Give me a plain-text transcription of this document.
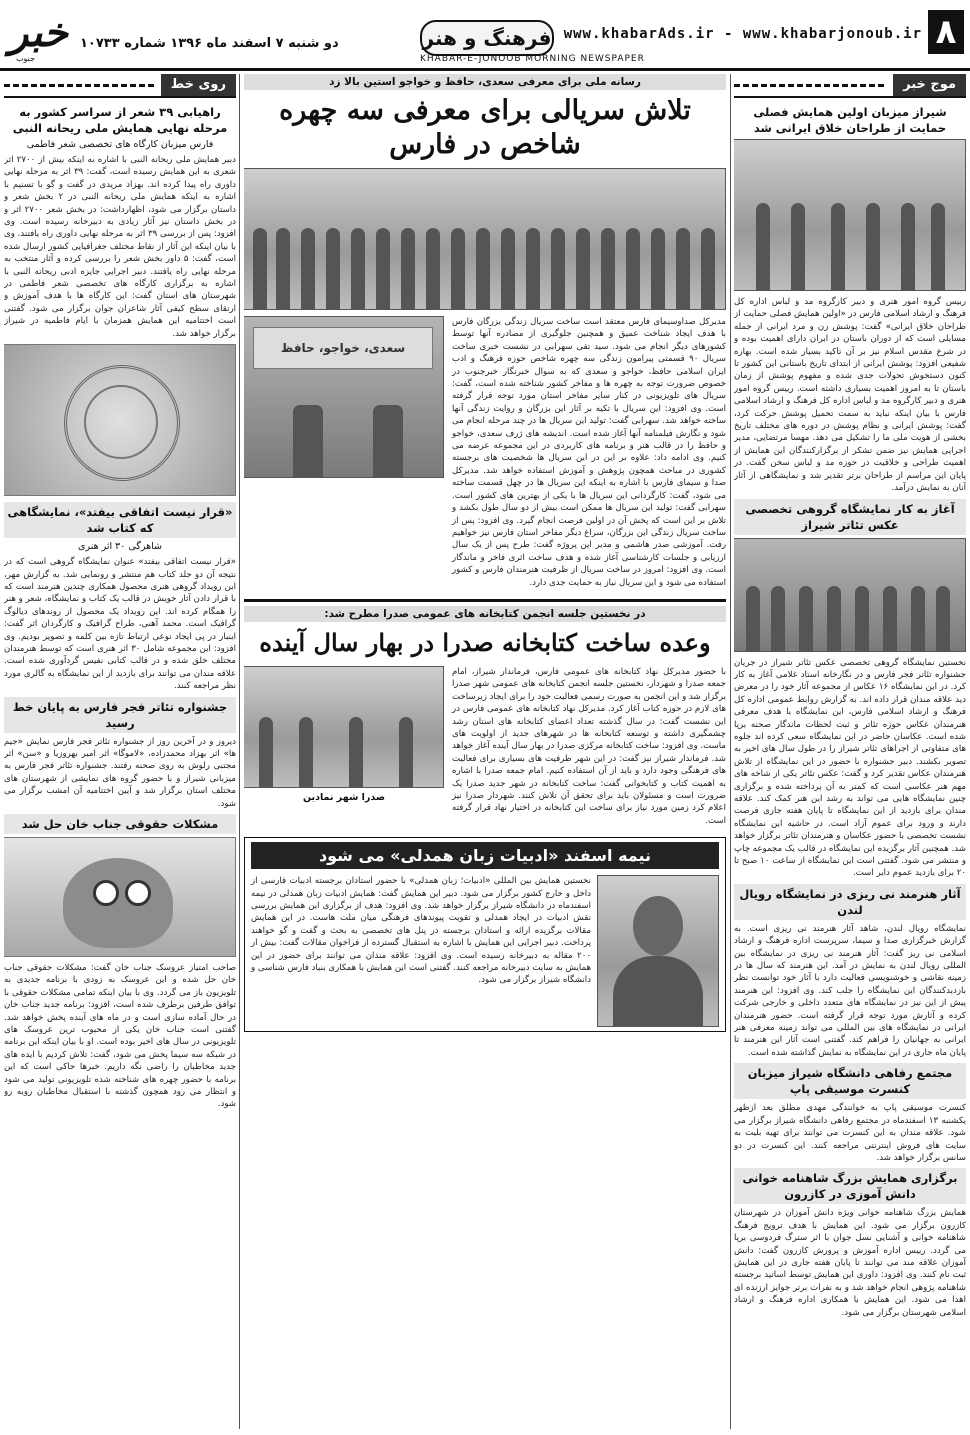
۸
www.khabarAds.ir - www.khabarjonoub.ir
فرهنگ و هنر
KHABAR-E-JONOOB MORNING NEWSPAPER
دو شنبه ۷ اسفند ماه ۱۳۹۶ شماره ۱۰۷۳۳
خبر
جنوب
موج خبر
شیراز میزبان اولین همایش فصلی حمایت از طراحان خلاق ایرانی شد

رییس گروه امور هنری و دبیر کارگروه مد و لباس اداره کل فرهنگ و ارشاد اسلامی فارس در «اولین همایش فصلی حمایت از طراحان خلاق ایرانی» گفت: پوشش زن و مرد ایرانی از جمله مسایلی است که از دوران باستان در ایران دارای اهمیت بوده و در شرع مقدس اسلام نیز بر آن تاکید بسیار شده است. بهاره شفیعی افزود: پوشش ایرانی از ابتدای تاریخ باستانی این کشور تا کنون دستخوش تحولات جدی شده و مفهوم پوشش از زمان باستان تا به امروز اهمیت بسیاری داشته است. رییس گروه امور هنری و دبیر کارگروه مد و لباس اداره کل فرهنگ و ارشاد اسلامی فارس با بیان اینکه نباید به سمت تحمیل پوشش حرکت کرد، گفت: پوشش ایرانی و نظام پوشش در دوره های مختلف تاریخ بخشی از هویت ملی ما را تشکیل می دهد. مهسا مرتضایی، مدیر اجرایی همایش نیز ضمن تشکر از برگزارکنندگان این همایش از اهمیت طراحی و خلاقیت در حوزه مد و لباس سخن گفت. در پایان این مراسم از طراحان برتر تقدیر شد و نمایشگاهی از آثار آنان به نمایش درآمد.

آغاز به کار نمایشگاه گروهی تخصصی عکس تئاتر شیراز

نخستین نمایشگاه گروهی تخصصی عکس تئاتر شیراز در جریان جشنواره تئاتر فجر فارس و در نگارخانه استاد غلامی آغاز به کار کرد. در این نمایشگاه ۱۶ عکاس از مجموعه آثار خود را در معرض دید علاقه مندان قرار داده اند. به گزارش روابط عمومی اداره کل فرهنگ و ارشاد اسلامی فارس، این نمایشگاه با هدف معرفی هنرمندان عکاس حوزه تئاتر و ثبت لحظات ماندگار صحنه برپا شده است. عکاسان حاضر در این نمایشگاه سعی کرده اند جلوه های متفاوتی از اجراهای تئاتر شیراز را در طول سال های اخیر به تصویر بکشند. دبیر جشنواره با حضور در این نمایشگاه از تلاش هنرمندان عکاس تقدیر کرد و گفت: عکس تئاتر یکی از شاخه های مهم هنر عکاسی است که کمتر به آن پرداخته شده و برگزاری چنین نمایشگاه هایی می تواند به رشد این هنر کمک کند. علاقه مندان برای بازدید از این نمایشگاه تا پایان هفته جاری فرصت دارند و ورود برای عموم آزاد است. در حاشیه این نمایشگاه نشست تخصصی با حضور عکاسان و هنرمندان تئاتر برگزار خواهد شد. همچنین آثار برگزیده این نمایشگاه در قالب یک مجموعه چاپ و منتشر می شود. گفتنی است این نمایشگاه از ساعت ۱۰ صبح تا ۲۰ برای بازدید عموم دایر است.

آثار هنرمند نی ریزی در نمایشگاه رویال لندن

نمایشگاه رویال لندن، شاهد آثار هنرمند نی ریزی است. به گزارش خبرگزاری صدا و سیما، سرپرست اداره فرهنگ و ارشاد اسلامی نی ریز گفت: آثار هنرمند نی ریزی در نمایشگاه بین المللی رویال لندن به نمایش در آمد. این هنرمند که سال ها در زمینه نقاشی و خوشنویسی فعالیت دارد با آثار خود توانست نظر بازدیدکنندگان این نمایشگاه را جلب کند. وی افزود: این هنرمند پیش از این نیز در نمایشگاه های متعدد داخلی و خارجی شرکت کرده و آثارش مورد توجه قرار گرفته است. حضور هنرمندان ایرانی در نمایشگاه های بین المللی می تواند زمینه معرفی هنر ایرانی به جهانیان را فراهم کند. گفتنی است آثار این هنرمند تا پایان ماه جاری در این نمایشگاه به نمایش گذاشته شده است.

مجتمع رفاهی دانشگاه شیراز میزبان کنسرت موسیقی پاپ

کنسرت موسیقی پاپ به خوانندگی مهدی مطلق بعد ازظهر یکشنبه ۱۳ اسفندماه در مجتمع رفاهی دانشگاه شیراز برگزار می شود. علاقه مندان به این کنسرت می توانند برای تهیه بلیت به سایت های فروش اینترنتی مراجعه کنند. این کنسرت در دو سانس برگزار خواهد شد.

برگزاری همایش بزرگ شاهنامه خوانی دانش آموزی در کازرون

همایش بزرگ شاهنامه خوانی ویژه دانش آموزان در شهرستان کازرون برگزار می شود. این همایش با هدف ترویج فرهنگ شاهنامه خوانی و آشنایی نسل جوان با اثر سترگ فردوسی برپا می گردد. رییس اداره آموزش و پرورش کازرون گفت: دانش آموزان علاقه مند می توانند تا پایان هفته جاری در این همایش ثبت نام کنند. وی افزود: داوری این همایش توسط اساتید برجسته شاهنامه پژوهی انجام خواهد شد و به نفرات برتر جوایز ارزنده ای اهدا می شود. این همایش با همکاری اداره فرهنگ و ارشاد اسلامی شهرستان برگزار می شود.

روی خط
راهیابی ۳۹ شعر از سراسر کشور به مرحله نهایی همایش ملی ریحانه النبی
فارس میزبان کارگاه های تخصصی شعر فاطمی

دبیر همایش ملی ریحانه النبی با اشاره به اینکه بیش از ۲۷۰۰ اثر شعری به این همایش رسیده است، گفت: ۳۹ اثر به مرحله نهایی داوری راه پیدا کرده اند. بهزاد مریدی در گفت و گو با تسنیم با اشاره به اینکه همایش ملی ریحانه النبی در ۲ بخش شعر و داستان برگزار می شود، اظهارداشت: در بخش شعر ۲۷۰۰ اثر و در بخش داستان نیز آثار زیادی به دبیرخانه رسیده است. وی افزود: پس از بررسی ۳۹ اثر به مرحله نهایی داوری راه یافتند. وی با بیان اینکه این آثار از نقاط مختلف جغرافیایی کشور ارسال شده است، گفت: ۵ داور بخش شعر را بررسی کرده و آثار منتخب به مرحله نهایی راه یافتند. دبیر اجرایی جایزه ادبی ریحانه النبی با اشاره به برگزاری کارگاه های تخصصی شعر فاطمی در شهرستان های استان گفت: این کارگاه ها با هدف آموزش و ارتقای سطح کیفی آثار شاعران جوان برگزار می شود. گفتنی است اختتامیه این همایش همزمان با ایام فاطمیه در شیراز برگزار خواهد شد.

«قرار نیست اتفاقی بیفتد»، نمایشگاهی که کتاب شد
شاهرگی ۳۰ اثر هنری

«قرار نیست اتفاقی بیفتد» عنوان نمایشگاه گروهی است که در نتیجه آن دو جلد کتاب هم منتشر و رونمایی شد. به گزارش مهر، این رویداد گروهی هنری محصول همکاری چندین هنرمند است که با قرار دادن آثار خویش در قالب یک کتاب و نمایشگاه، شعر و هنر را همگام کرده اند. این رویداد یک محصول از روندهای دیالوگ گرافیک است. محمد آهنی، طراح گرافیک و کارگردان اثر گفت: اینبار در پی ایجاد نوعی ارتباط تازه بین کلمه و تصویر بودیم. وی افزود: این مجموعه شامل ۳۰ اثر هنری است که توسط هنرمندان مختلف خلق شده و در قالب کتابی نفیس گردآوری شده است. علاقه مندان می توانند برای بازدید از این نمایشگاه به گالری مورد نظر مراجعه کنند.

جشنواره تئاتر فجر فارس به پایان خط رسید

دیروز و در آخرین روز از جشنواره تئاتر فجر فارس نمایش «جیم ها» اثر بهزاد محمدزاده، «لاموگا» اثر امیر بهروزیا و «سن» اثر مجتبی رلوش به روی صحنه رفتند. جشنواره تئاتر فجر فارس به میزبانی شیراز و با حضور گروه های نمایشی از شهرستان های مختلف استان برگزار شد و آیین اختتامیه آن امشب برگزار می شود.

مشکلات حقوقی جناب خان حل شد

صاحب امتیاز عروسک جناب خان گفت: مشکلات حقوقی جناب خان حل شده و این عروسک به زودی با برنامه جدیدی به تلویزیون باز می گردد. وی با بیان اینکه تمامی مشکلات حقوقی با توافق طرفین برطرف شده است، افزود: برنامه جدید جناب خان در حال آماده سازی است و در ماه های آینده پخش خواهد شد. گفتنی است جناب خان یکی از محبوب ترین عروسک های تلویزیونی در سال های اخیر بوده است. او با بیان اینکه این برنامه در شبکه سه سیما پخش می شود، گفت: تلاش کردیم با ایده های جدید مخاطبان را راضی نگه داریم. خبرها حاکی است که این برنامه با حضور چهره های شناخته شده تلویزیونی تولید می شود و انتظار می رود همچون گذشته با استقبال مخاطبان روبه رو شود.

رسانه ملی برای معرفی سعدی، حافظ و خواجو استین بالا زد
تلاش سریالی برای معرفی سه چهره شاخص در فارس

مدیرکل صداوسیمای فارس معتقد است ساخت سریال زندگی بزرگان فارس با هدف ایجاد شناخت عمیق و همچنین جلوگیری از مصادره آنها توسط کشورهای دیگر انجام می شود. سید تقی سهرابی در نشست خبری ساخت سریال ۹۰ قسمتی پیرامون زندگی سه چهره شاخص حوزه فرهنگ و ادب ایران اسلامی حافظ، خواجو و سعدی که به سوال خبرنگار خبرجنوب در خصوص ضرورت توجه به چهره ها و مفاخر کشور شناخته شده است، گفت: سریال های تلویزیونی در کنار سایر مفاخر استان مورد توجه قرار گرفته است. وی افزود: این سریال با تکیه بر آثار این بزرگان و روایت زندگی آنها ساخته خواهد شد. سهرابی گفت: تولید این سریال ها در چند مرحله انجام می شود و نگارش فیلمنامه آنها آغاز شده است. اندیشه های ژرف سعدی، خواجو و حافظ را در قالب هنر و برنامه های کاربردی در این مجموعه عرضه می کنیم. وی ادامه داد: علاوه بر این در این سریال ها شخصیت های برجسته کشوری در مباحث همچون پژوهش و آموزش استفاده خواهد شد. مدیرکل صدا و سیمای فارس با اشاره به اینکه این سریال ها در چهل قسمت ساخته می شود، گفت: کارگردانی این سریال ها با یکی از بهترین های کشور است. سهرابی گفت: تولید این سریال ها ممکن است بیش از دو سال طول بکشد و تلاش بر این است که پخش آن در اولین فرصت انجام گیرد. وی افزود: پس از ساخت سریال زندگی این بزرگان، سراغ دیگر مفاخر استان فارس نیز خواهیم رفت. آموزشی صدر هاشمی و مدیر این پروژه گفت: طرح پس از یک سال ارزیابی و جلسات کارشناسی آغاز شده و هدف ساخت اثری فاخر و ماندگار است. وی افزود: امروز در ساخت سریال از ظرفیت هنرمندان فارس و کشور استفاده می شود و این سریال نیاز به حمایت جدی دارد.

سعدی، خواجو، حافظ
در نخستین جلسه انجمن کتابخانه های عمومی صدرا مطرح شد:
وعده ساخت کتابخانه صدرا در بهار سال آینده

با حضور مدیرکل نهاد کتابخانه های عمومی فارس، فرماندار شیراز، امام جمعه صدرا و شهردار، نخستین جلسه انجمن کتابخانه های عمومی شهر صدرا برگزار شد و این انجمن به صورت رسمی فعالیت خود را برای ایجاد زیرساخت های لازم در حوزه کتاب آغاز کرد. مدیرکل نهاد کتابخانه های عمومی فارس در این نشست گفت: در سال گذشته تعداد اعضای کتابخانه های استان رشد چشمگیری داشته و توسعه کتابخانه ها در شهرهای جدید از اولویت های ماست. وی افزود: ساخت کتابخانه مرکزی صدرا در بهار سال آینده آغاز خواهد شد. فرماندار شیراز نیز گفت: در این شهر ظرفیت های بسیاری برای فعالیت های فرهنگی وجود دارد و باید از آن استفاده کنیم. امام جمعه صدرا با اشاره به اهمیت کتاب و کتابخوانی گفت: ساخت کتابخانه در شهر جدید صدرا یک ضرورت است و مسئولان باید برای تحقق آن تلاش کنند. شهردار صدرا نیز اعلام کرد زمین مورد نیاز برای ساخت این کتابخانه در اختیار نهاد قرار گرفته است.

صدرا شهر نمادین
نیمه اسفند «ادبیات زبان همدلی» می شود

نخستین همایش بین المللی «ادبیات؛ زبان همدلی» با حضور استادان برجسته ادبیات فارسی از داخل و خارج کشور برگزار می شود. دبیر این همایش گفت: همایش ادبیات زبان همدلی در نیمه اسفندماه در دانشگاه شیراز برگزار خواهد شد. وی افزود: هدف از برگزاری این همایش بررسی نقش ادبیات در ایجاد همدلی و تقویت پیوندهای فرهنگی میان ملت هاست. در این همایش مقالات برگزیده ارائه و استادان برجسته در پنل های تخصصی به بحث و گفت و گو خواهند پرداخت. دبیر اجرایی این همایش با اشاره به استقبال گسترده از فراخوان مقالات گفت: بیش از ۲۰۰ مقاله به دبیرخانه رسیده است. وی افزود: علاقه مندان می توانند برای حضور در این همایش به سایت دبیرخانه مراجعه کنند. گفتنی است این همایش با همکاری بنیاد فارس شناسی و دانشگاه شیراز برگزار می شود.
